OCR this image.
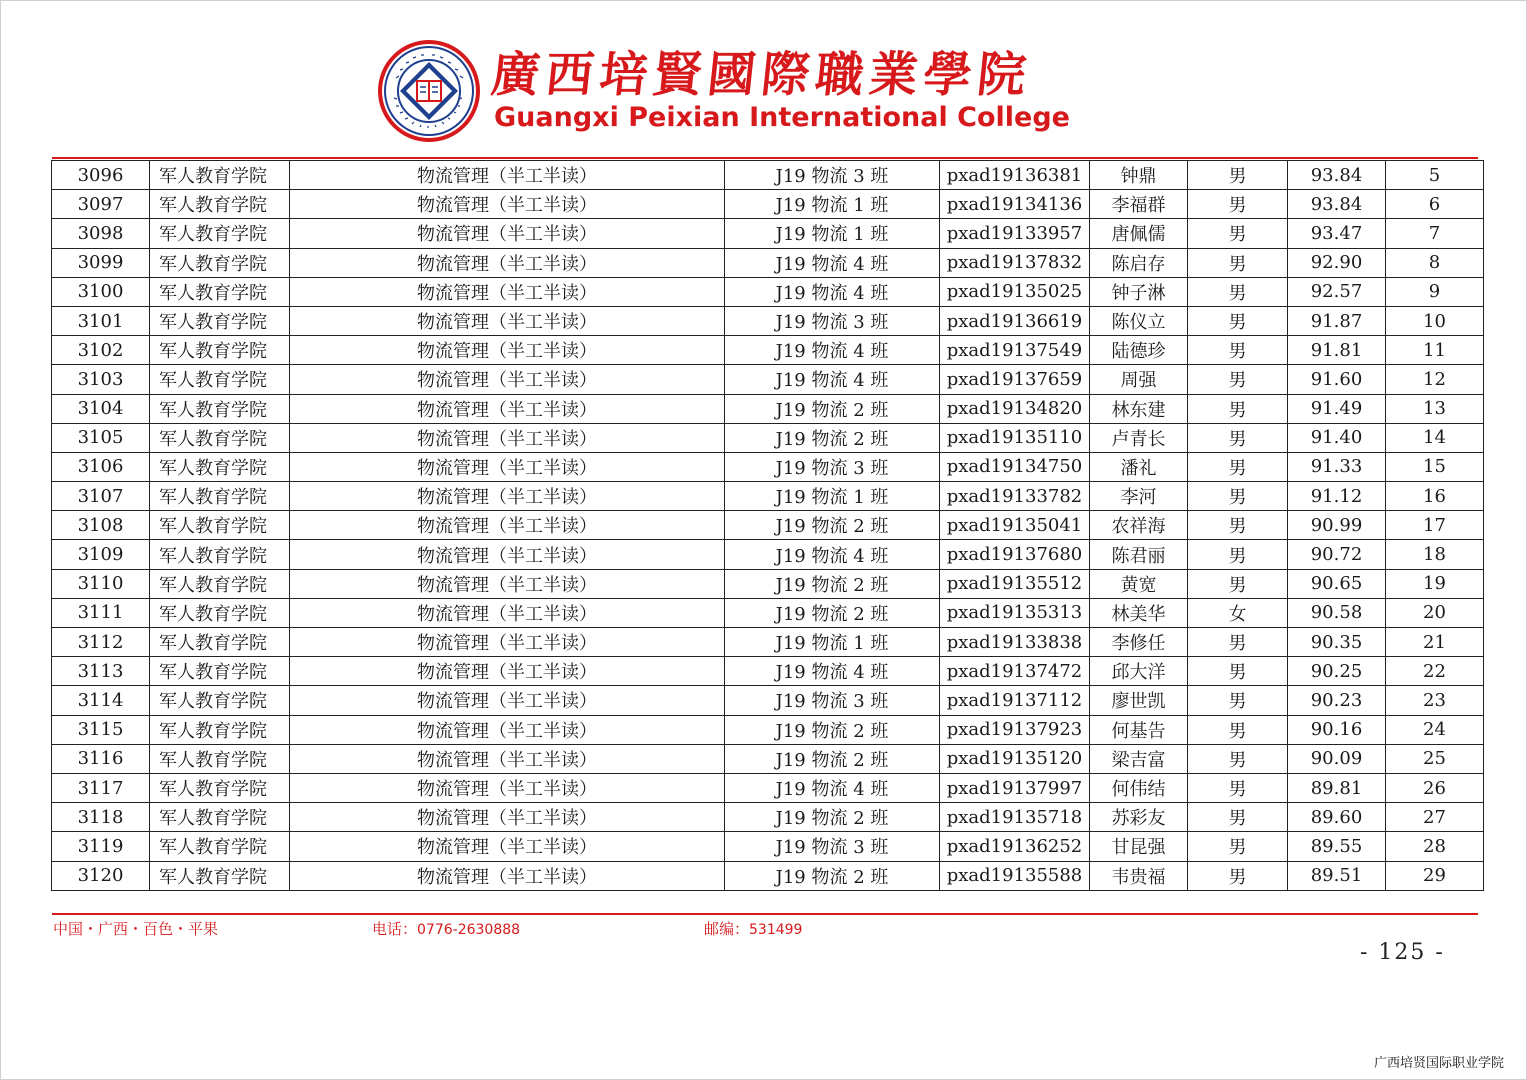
廣西培賢國際職業學院
Guangxi Peixian International College
3096	军人教育学院	物流管理（半工半读）	J19 物流 3 班	pxad19136381	钟鼎	男	93.84	5
3097	军人教育学院	物流管理（半工半读）	J19 物流 1 班	pxad19134136	李福群	男	93.84	6
3098	军人教育学院	物流管理（半工半读）	J19 物流 1 班	pxad19133957	唐佩儒	男	93.47	7
3099	军人教育学院	物流管理（半工半读）	J19 物流 4 班	pxad19137832	陈启存	男	92.90	8
3100	军人教育学院	物流管理（半工半读）	J19 物流 4 班	pxad19135025	钟子淋	男	92.57	9
3101	军人教育学院	物流管理（半工半读）	J19 物流 3 班	pxad19136619	陈仪立	男	91.87	10
3102	军人教育学院	物流管理（半工半读）	J19 物流 4 班	pxad19137549	陆德珍	男	91.81	11
3103	军人教育学院	物流管理（半工半读）	J19 物流 4 班	pxad19137659	周强	男	91.60	12
3104	军人教育学院	物流管理（半工半读）	J19 物流 2 班	pxad19134820	林东建	男	91.49	13
3105	军人教育学院	物流管理（半工半读）	J19 物流 2 班	pxad19135110	卢青长	男	91.40	14
3106	军人教育学院	物流管理（半工半读）	J19 物流 3 班	pxad19134750	潘礼	男	91.33	15
3107	军人教育学院	物流管理（半工半读）	J19 物流 1 班	pxad19133782	李河	男	91.12	16
3108	军人教育学院	物流管理（半工半读）	J19 物流 2 班	pxad19135041	农祥海	男	90.99	17
3109	军人教育学院	物流管理（半工半读）	J19 物流 4 班	pxad19137680	陈君丽	男	90.72	18
3110	军人教育学院	物流管理（半工半读）	J19 物流 2 班	pxad19135512	黄宽	男	90.65	19
3111	军人教育学院	物流管理（半工半读）	J19 物流 2 班	pxad19135313	林美华	女	90.58	20
3112	军人教育学院	物流管理（半工半读）	J19 物流 1 班	pxad19133838	李修任	男	90.35	21
3113	军人教育学院	物流管理（半工半读）	J19 物流 4 班	pxad19137472	邱大洋	男	90.25	22
3114	军人教育学院	物流管理（半工半读）	J19 物流 3 班	pxad19137112	廖世凯	男	90.23	23
3115	军人教育学院	物流管理（半工半读）	J19 物流 2 班	pxad19137923	何基告	男	90.16	24
3116	军人教育学院	物流管理（半工半读）	J19 物流 2 班	pxad19135120	梁吉富	男	90.09	25
3117	军人教育学院	物流管理（半工半读）	J19 物流 4 班	pxad19137997	何伟结	男	89.81	26
3118	军人教育学院	物流管理（半工半读）	J19 物流 2 班	pxad19135718	苏彩友	男	89.60	27
3119	军人教育学院	物流管理（半工半读）	J19 物流 3 班	pxad19136252	甘昆强	男	89.55	28
3120	军人教育学院	物流管理（半工半读）	J19 物流 2 班	pxad19135588	韦贵福	男	89.51	29
中国・广西・百色・平果	电话：0776-2630888	邮编：531499
- 125 -
广西培贤国际职业学院
